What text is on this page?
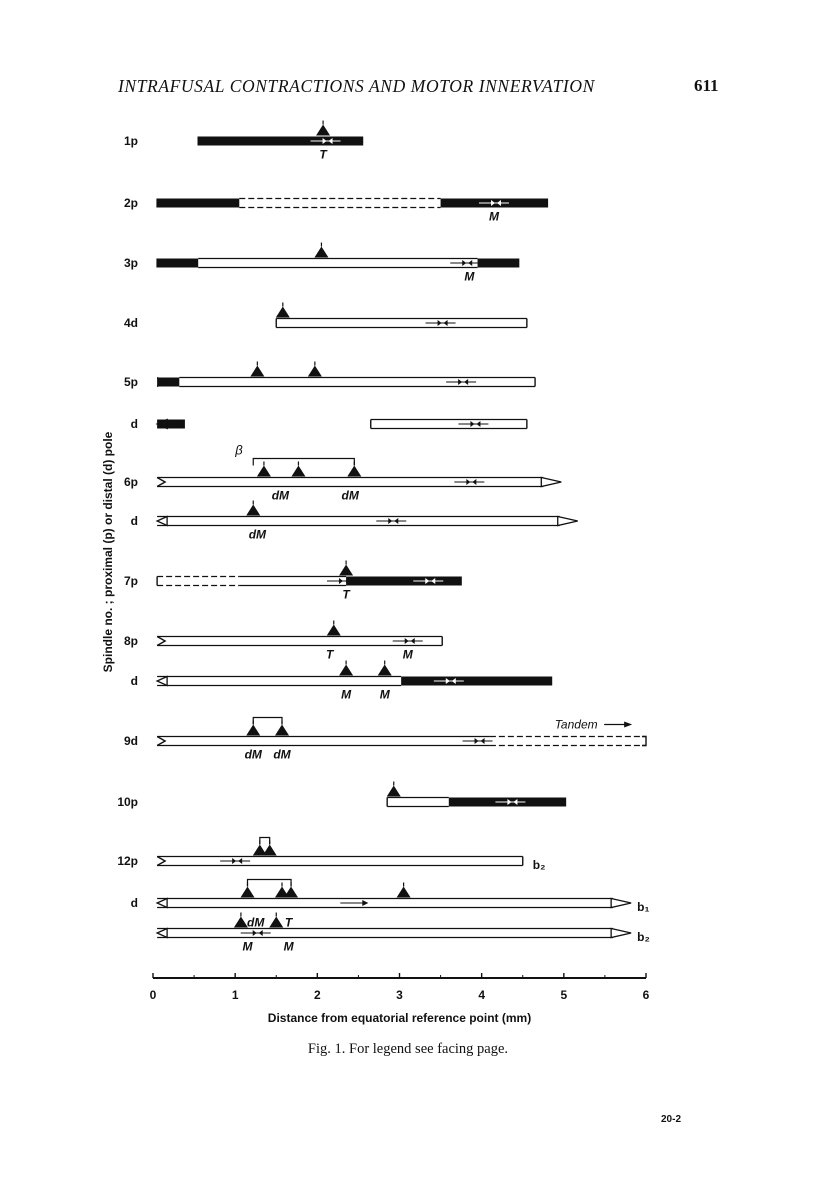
INTRAFUSAL CONTRACTIONS AND MOTOR INNERVATION	611
1p
T
2p
M
3p
M
4d
5p
d
6p
β
dM	dM
d
dM
7p
T
8p
T	M
d
M M
9d
dM dM
Tandem
10p
12p	b₂
d	b₁
dM T
M	M
b₂
0	1	2	3	4	5	6
Distance from equatorial reference point (mm)
Spindle no. ; proximal (p) or distal (d) pole
Fig. 1. For legend see facing page.
20-2
